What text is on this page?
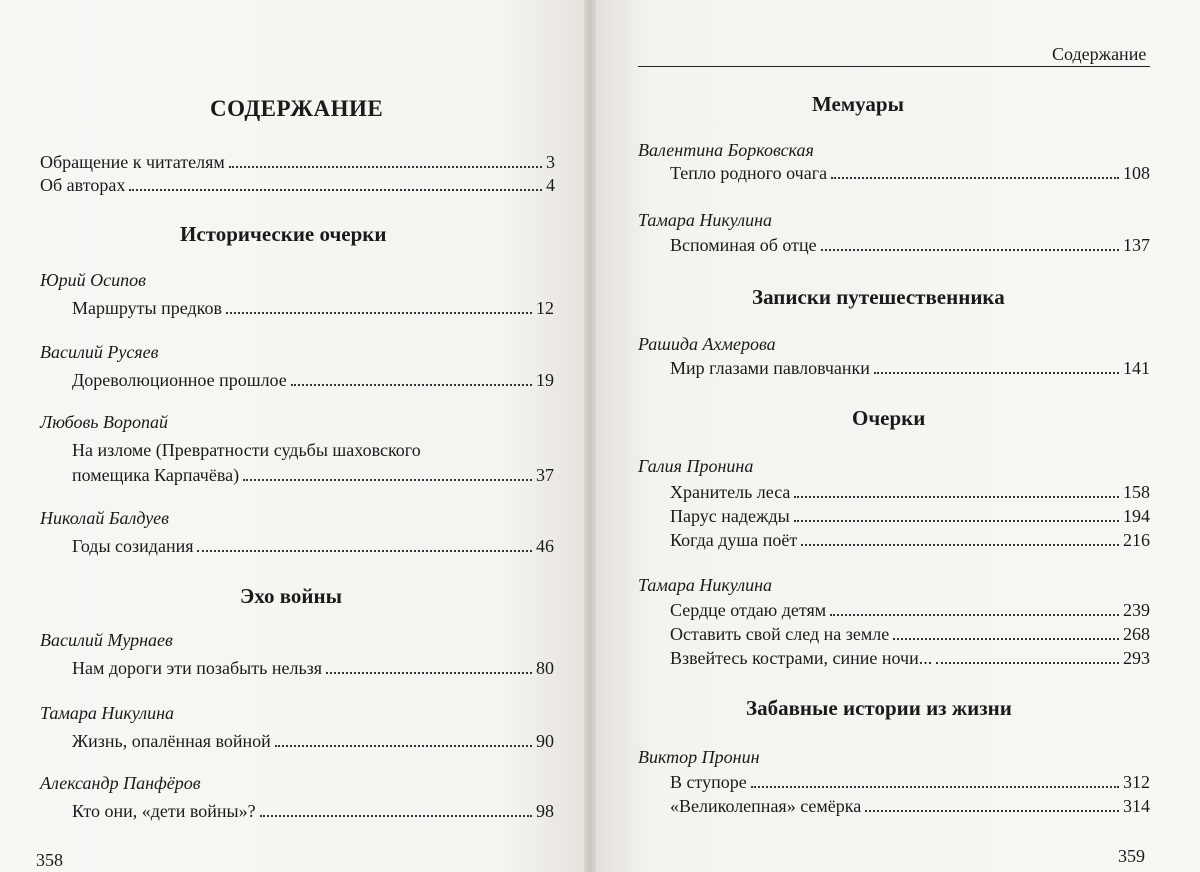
СОДЕРЖАНИЕ
Обращение к читателям	3
Об авторах	4
Исторические очерки
Юрий Осипов
Маршруты предков	12
Василий Русяев
Дореволюционное прошлое	19
Любовь Воропай
На изломе (Превратности судьбы шаховского
помещика Карпачёва)	37
Николай Балдуев
Годы созидания	46
Эхо войны
Василий Мурнаев
Нам дороги эти позабыть нельзя	80
Тамара Никулина
Жизнь, опалённая войной	90
Александр Панфёров
Кто они, «дети войны»?	98
358
Содержание
Мемуары
Валентина Борковская
Тепло родного очага	108
Тамара Никулина
Вспоминая об отце	137
Записки путешественника
Рашида Ахмерова
Мир глазами павловчанки	141
Очерки
Галия Пронина
Хранитель леса	158
Парус надежды	194
Когда душа поёт	216
Тамара Никулина
Сердце отдаю детям	239
Оставить свой след на земле	268
Взвейтесь кострами, синие ночи...	293
Забавные истории из жизни
Виктор Пронин
В ступоре	312
«Великолепная» семёрка	314
359
